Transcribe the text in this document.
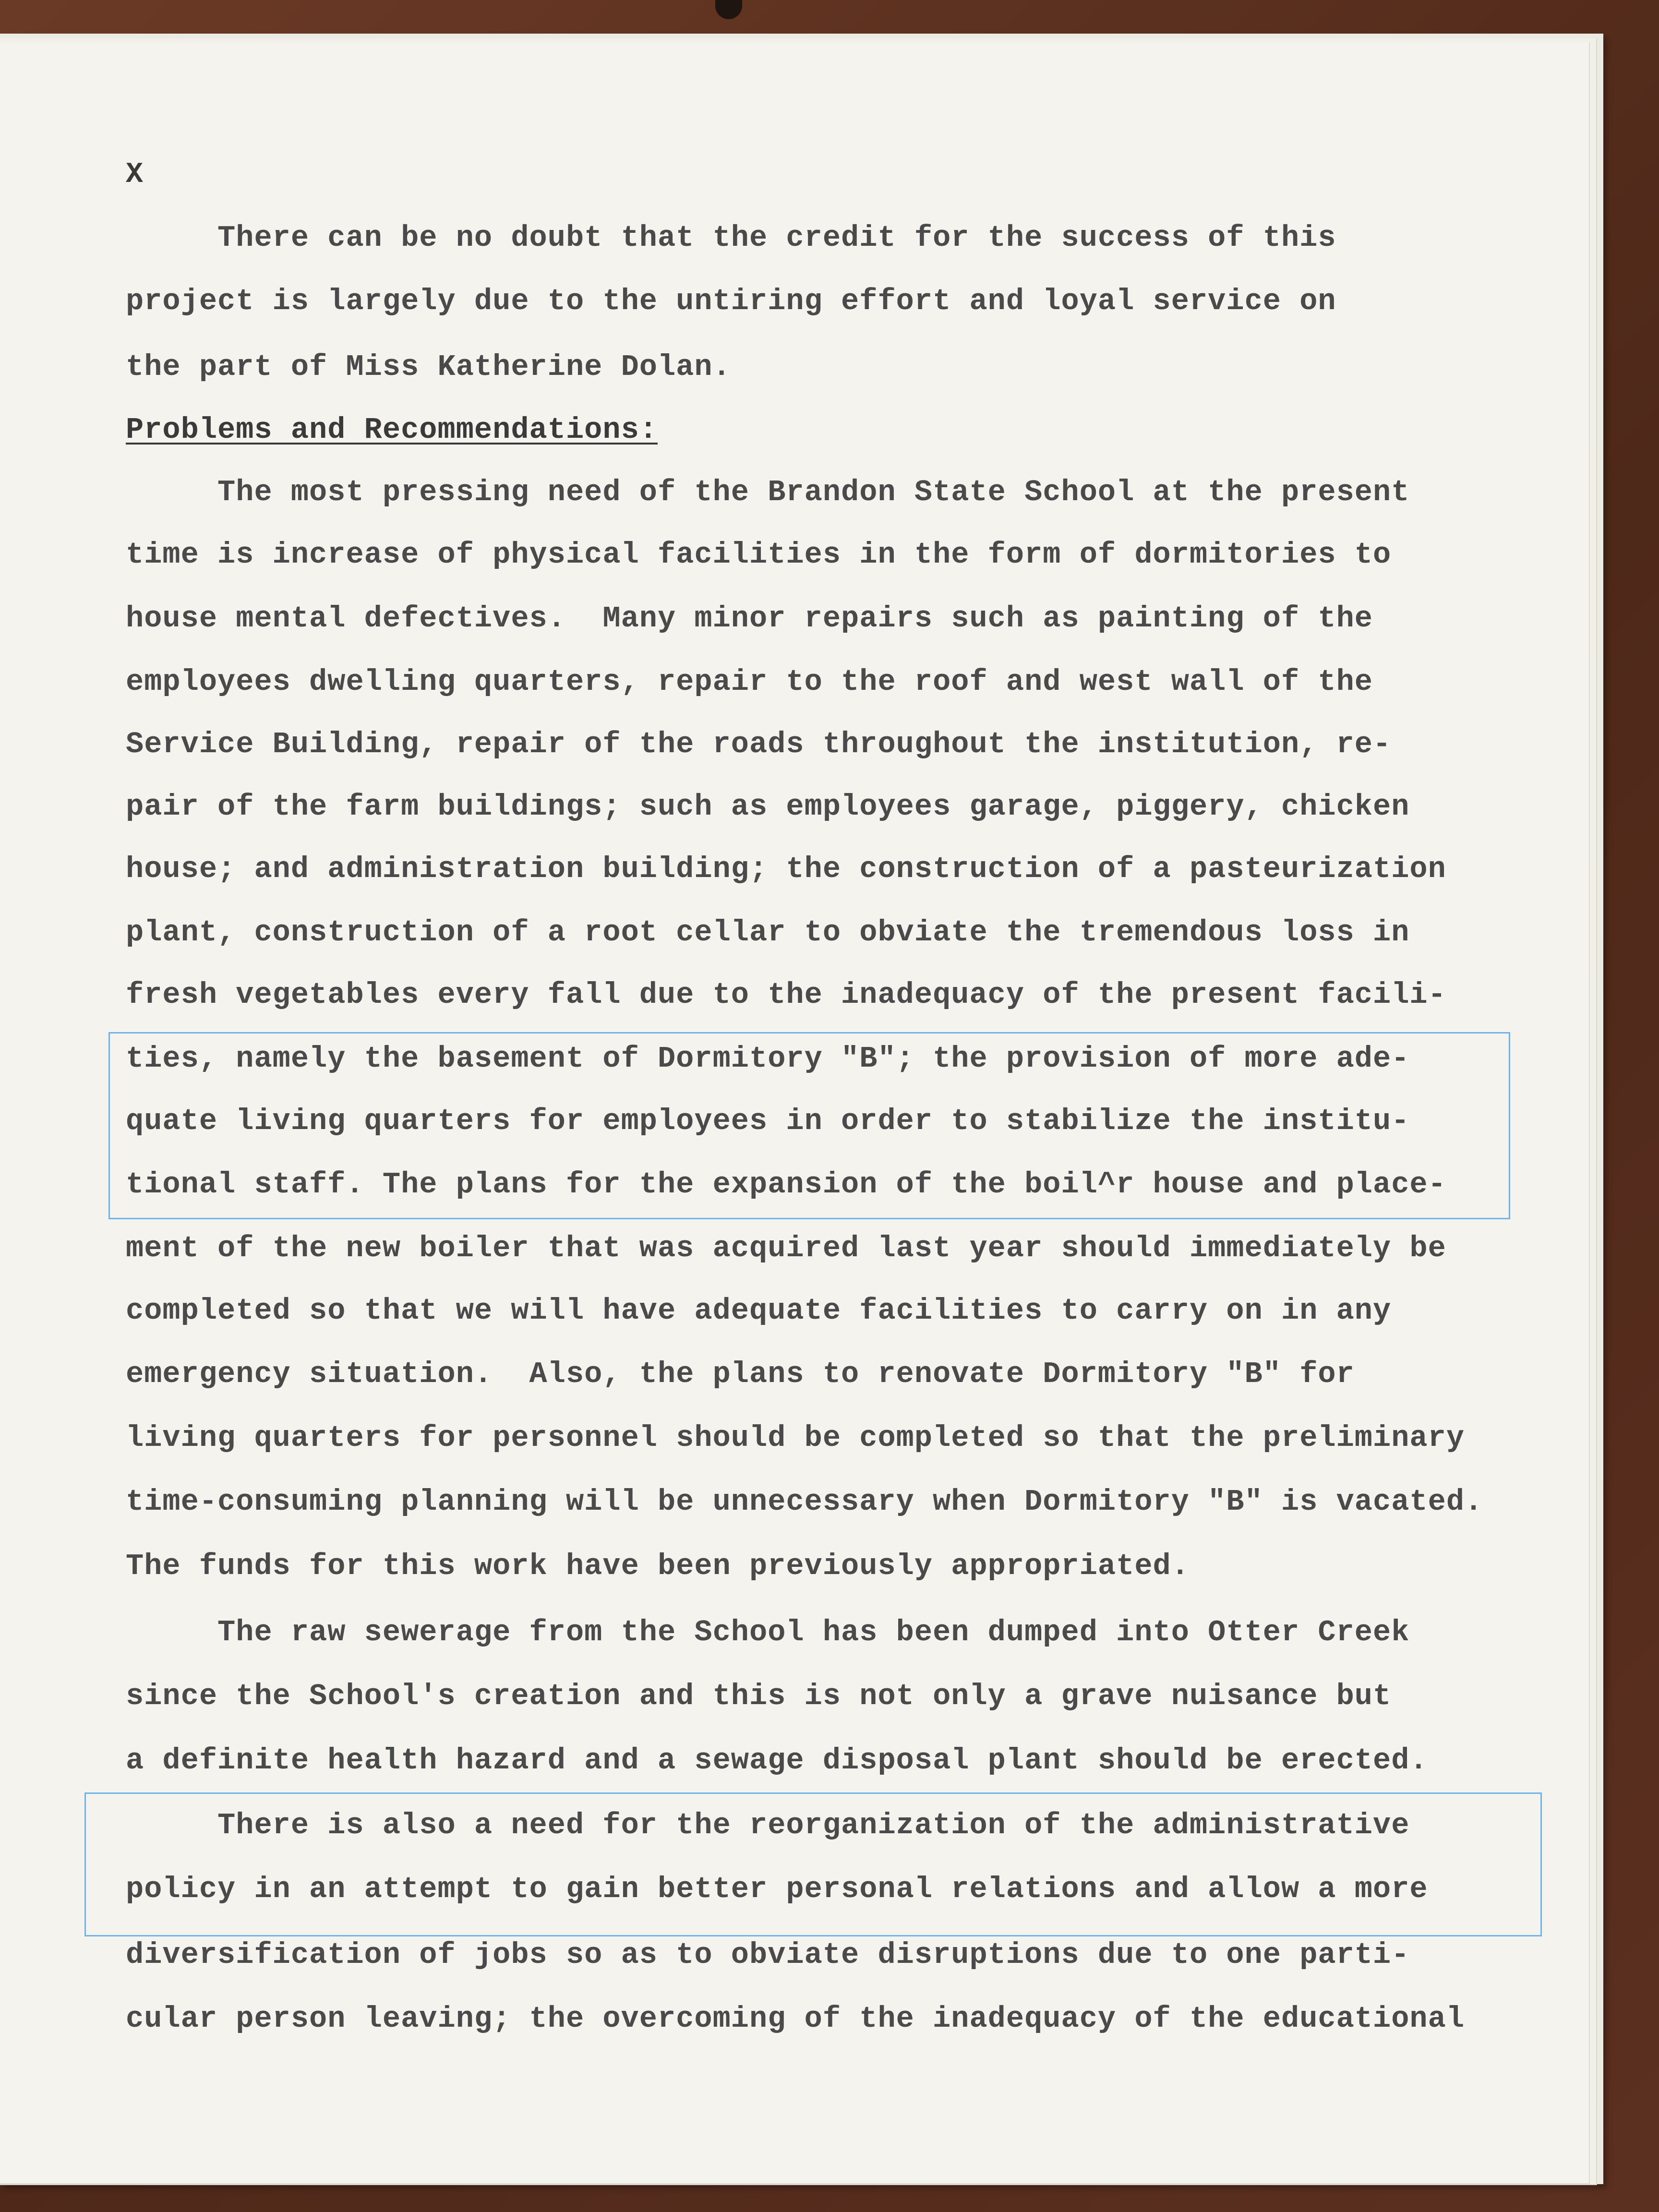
X
There can be no doubt that the credit for the success of this
project is largely due to the untiring effort and loyal service on
the part of Miss Katherine Dolan.
Problems and Recommendations:
The most pressing need of the Brandon State School at the present
time is increase of physical facilities in the form of dormitories to
house mental defectives.  Many minor repairs such as painting of the
employees dwelling quarters, repair to the roof and west wall of the
Service Building, repair of the roads throughout the institution, re-
pair of the farm buildings; such as employees garage, piggery, chicken
house; and administration building; the construction of a pasteurization
plant, construction of a root cellar to obviate the tremendous loss in
fresh vegetables every fall due to the inadequacy of the present facili-
ties, namely the basement of Dormitory "B"; the provision of more ade-
quate living quarters for employees in order to stabilize the institu-
tional staff. The plans for the expansion of the boil^r house and place-
ment of the new boiler that was acquired last year should immediately be
completed so that we will have adequate facilities to carry on in any
emergency situation.  Also, the plans to renovate Dormitory "B" for
living quarters for personnel should be completed so that the preliminary
time-consuming planning will be unnecessary when Dormitory "B" is vacated.
The funds for this work have been previously appropriated.
The raw sewerage from the School has been dumped into Otter Creek
since the School's creation and this is not only a grave nuisance but
a definite health hazard and a sewage disposal plant should be erected.
There is also a need for the reorganization of the administrative
policy in an attempt to gain better personal relations and allow a more
diversification of jobs so as to obviate disruptions due to one parti-
cular person leaving; the overcoming of the inadequacy of the educational
